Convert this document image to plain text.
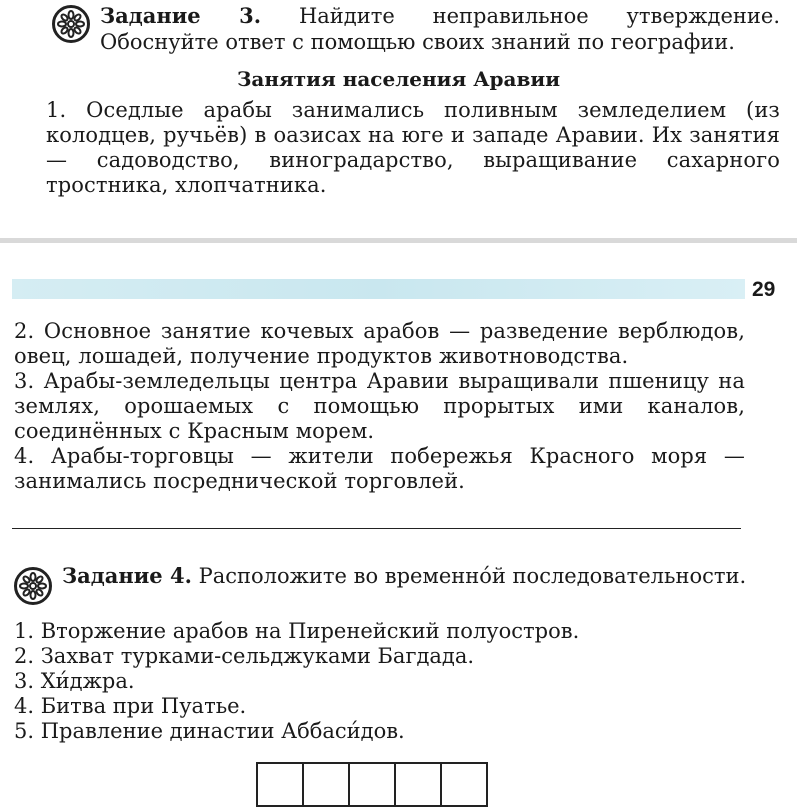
Задание 3. Найдите неправильное утверждение. Обоснуйте ответ с помощью своих знаний по географии.

Занятия населения Аравии

1. Оседлые арабы занимались поливным земледелием (из колодцев, ручьёв) в оазисах на юге и западе Аравии. Их занятия — садоводство, виноградарство, выращивание сахарного тростника, хлопчатника.

29

2. Основное занятие кочевых арабов — разведение верблюдов, овец, лошадей, получение продуктов животноводства.

3. Арабы-земледельцы центра Аравии выращивали пшеницу на землях, орошаемых с помощью прорытых ими каналов, соединённых с Красным морем.

4. Арабы-торговцы — жители побережья Красного моря — занимались посреднической торговлей.

Задание 4. Расположите во временнóй последовательности.

1. Вторжение арабов на Пиренейский полуостров.
2. Захват турками-сельджуками Багдада.
3. Хи́джра.
4. Битва при Пуатье.
5. Правление династии Аббаси́дов.
